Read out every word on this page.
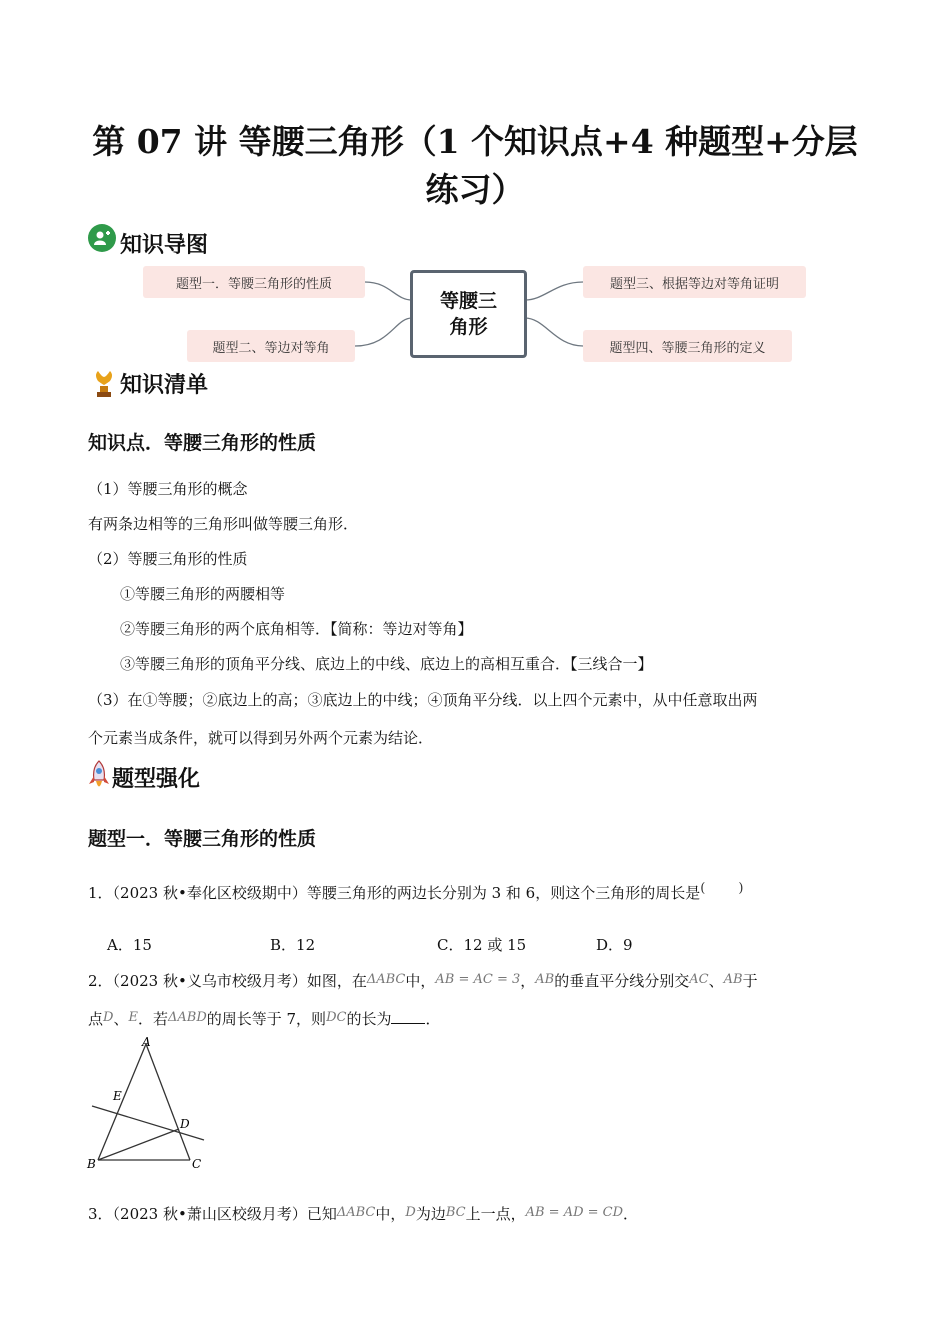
第 07 讲 等腰三角形（1 个知识点+4 种题型+分层
练习）
知识导图
题型一．等腰三角形的性质
题型二、等边对等角
等腰三
角形
题型三、根据等边对等角证明
题型四、等腰三角形的定义
知识清单
知识点．等腰三角形的性质
（1）等腰三角形的概念
有两条边相等的三角形叫做等腰三角形．
（2）等腰三角形的性质
①等腰三角形的两腰相等
②等腰三角形的两个底角相等．【简称：等边对等角】
③等腰三角形的顶角平分线、底边上的中线、底边上的高相互重合．【三线合一】
（3）在①等腰；②底边上的高；③底边上的中线；④顶角平分线．以上四个元素中，从中任意取出两
个元素当成条件，就可以得到另外两个元素为结论．
题型强化
题型一．等腰三角形的性质
1．（2023 秋•奉化区校级期中）等腰三角形的两边长分别为 3 和 6，则这个三角形的周长是(        )
A．15	B．12	C．12 或 15	D．9
2．（2023 秋•义乌市校级月考）如图，在ΔABC中，AB = AC = 3，AB的垂直平分线分别交AC、AB于
点D、E．若ΔABD的周长等于 7，则DC的长为 ．
A
E
D
B	C
3．（2023 秋•萧山区校级月考）已知ΔABC中，D为边BC上一点，AB = AD = CD．
